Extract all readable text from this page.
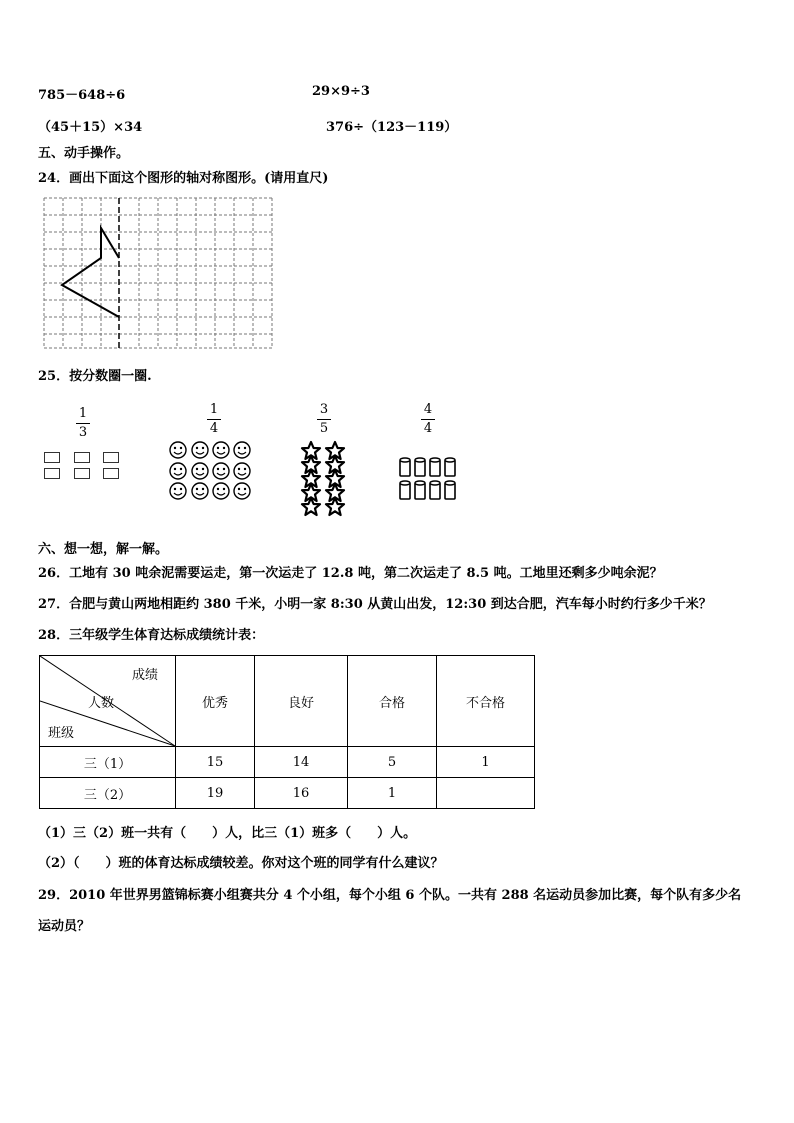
785－648÷6	29×9÷3
（45＋15）×34	376÷（123－119）
五、动手操作。
24．画出下面这个图形的轴对称图形。(请用直尺)
25．按分数圈一圈.
1
3
1
4
3
5
4
4
六、想一想，解一解。
26．工地有 30 吨余泥需要运走，第一次运走了 12.8 吨，第二次运走了 8.5 吨。工地里还剩多少吨余泥？
27．合肥与黄山两地相距约 380 千米，小明一家 8:30 从黄山出发，12:30 到达合肥，汽车每小时约行多少千米？
28．三年级学生体育达标成绩统计表：
成绩
人数
班级	优秀	良好	合格	不合格
三（1）	15	14	5	1
三（2）	19	16	1	
（1）三（2）班一共有（　　）人，比三（1）班多（　　）人。
（2）（　　）班的体育达标成绩较差。你对这个班的同学有什么建议？
29．2010 年世界男篮锦标赛小组赛共分 4 个小组，每个小组 6 个队。一共有 288 名运动员参加比赛，每个队有多少名
运动员？
